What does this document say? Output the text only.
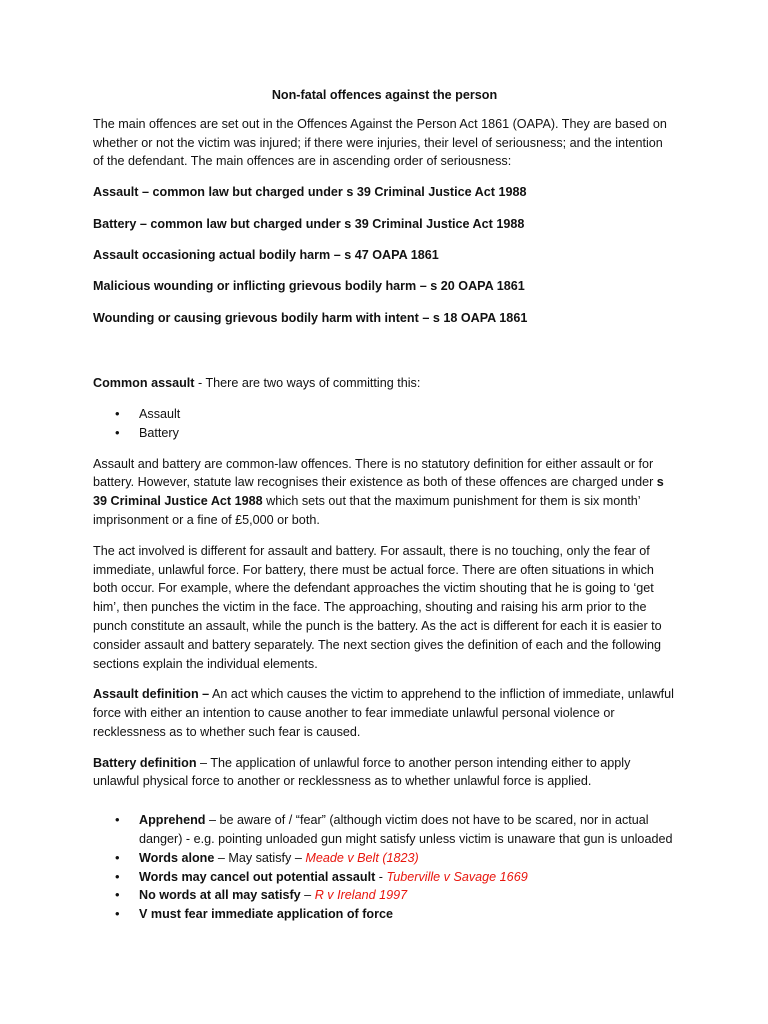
Non-fatal offences against the person

The main offences are set out in the Offences Against the Person Act 1861 (OAPA). They are based on whether or not the victim was injured; if there were injuries, their level of seriousness; and the intention of the defendant. The main offences are in ascending order of seriousness:

Assault – common law but charged under s 39 Criminal Justice Act 1988

Battery – common law but charged under s 39 Criminal Justice Act 1988

Assault occasioning actual bodily harm – s 47 OAPA 1861

Malicious wounding or inflicting grievous bodily harm – s 20 OAPA 1861

Wounding or causing grievous bodily harm with intent – s 18 OAPA 1861

Common assault - There are two ways of committing this:

• Assault
• Battery

Assault and battery are common-law offences. There is no statutory definition for either assault or for battery. However, statute law recognises their existence as both of these offences are charged under s 39 Criminal Justice Act 1988 which sets out that the maximum punishment for them is six month’ imprisonment or a fine of £5,000 or both.

The act involved is different for assault and battery. For assault, there is no touching, only the fear of immediate, unlawful force. For battery, there must be actual force. There are often situations in which both occur. For example, where the defendant approaches the victim shouting that he is going to ‘get him’, then punches the victim in the face. The approaching, shouting and raising his arm prior to the punch constitute an assault, while the punch is the battery. As the act is different for each it is easier to consider assault and battery separately. The next section gives the definition of each and the following sections explain the individual elements.

Assault definition – An act which causes the victim to apprehend to the infliction of immediate, unlawful force with either an intention to cause another to fear immediate unlawful personal violence or recklessness as to whether such fear is caused.

Battery definition – The application of unlawful force to another person intending either to apply unlawful physical force to another or recklessness as to whether unlawful force is applied.

• Apprehend – be aware of / “fear” (although victim does not have to be scared, nor in actual danger) - e.g. pointing unloaded gun might satisfy unless victim is unaware that gun is unloaded
• Words alone – May satisfy – Meade v Belt (1823)
• Words may cancel out potential assault - Tuberville v Savage 1669
• No words at all may satisfy – R v Ireland 1997
• V must fear immediate application of force
